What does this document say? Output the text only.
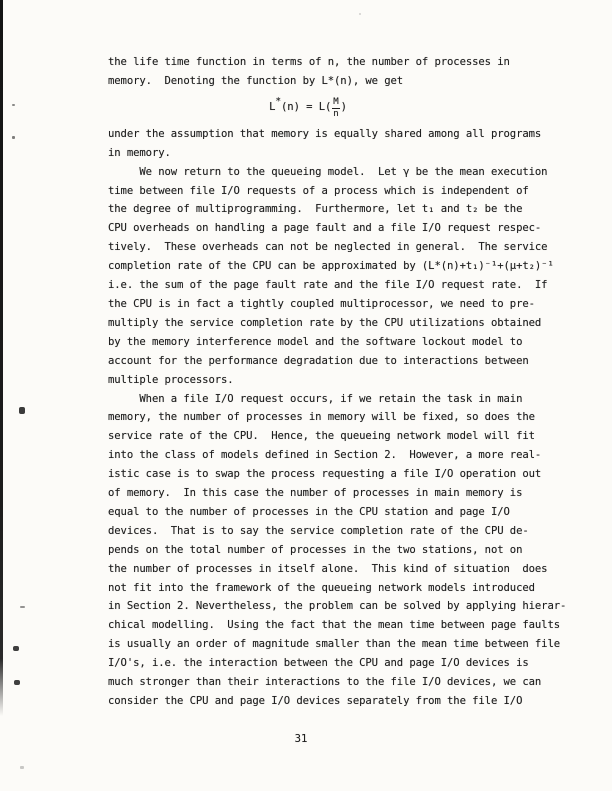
the life time function in terms of n, the number of processes in
memory.  Denoting the function by L*(n), we get
$L * (n) = L( \frac{M}{n}$ )
under the assumption that memory is equally shared among all programs
in memory.
We now return to the queueing model.  Let γ be the mean execution
time between file I/O requests of a process which is independent of
the degree of multiprogramming.  Furthermore, let t₁ and t₂ be the
CPU overheads on handling a page fault and a file I/O request respec-
tively.  These overheads can not be neglected in general.  The service
completion rate of the CPU can be approximated by (L*(n)+t₁)⁻¹+(μ+t₂)⁻¹
i.e. the sum of the page fault rate and the file I/O request rate.  If
the CPU is in fact a tightly coupled multiprocessor, we need to pre-
multiply the service completion rate by the CPU utilizations obtained
by the memory interference model and the software lockout model to
account for the performance degradation due to interactions between
multiple processors.
When a file I/O request occurs, if we retain the task in main
memory, the number of processes in memory will be fixed, so does the
service rate of the CPU.  Hence, the queueing network model will fit
into the class of models defined in Section 2.  However, a more real-
istic case is to swap the process requesting a file I/O operation out
of memory.  In this case the number of processes in main memory is
equal to the number of processes in the CPU station and page I/O
devices.  That is to say the service completion rate of the CPU de-
pends on the total number of processes in the two stations, not on
the number of processes in itself alone.  This kind of situation  does
not fit into the framework of the queueing network models introduced
in Section 2. Nevertheless, the problem can be solved by applying hierar-
chical modelling.  Using the fact that the mean time between page faults
is usually an order of magnitude smaller than the mean time between file
I/O's, i.e. the interaction between the CPU and page I/O devices is
much stronger than their interactions to the file I/O devices, we can
consider the CPU and page I/O devices separately from the file I/O
31
